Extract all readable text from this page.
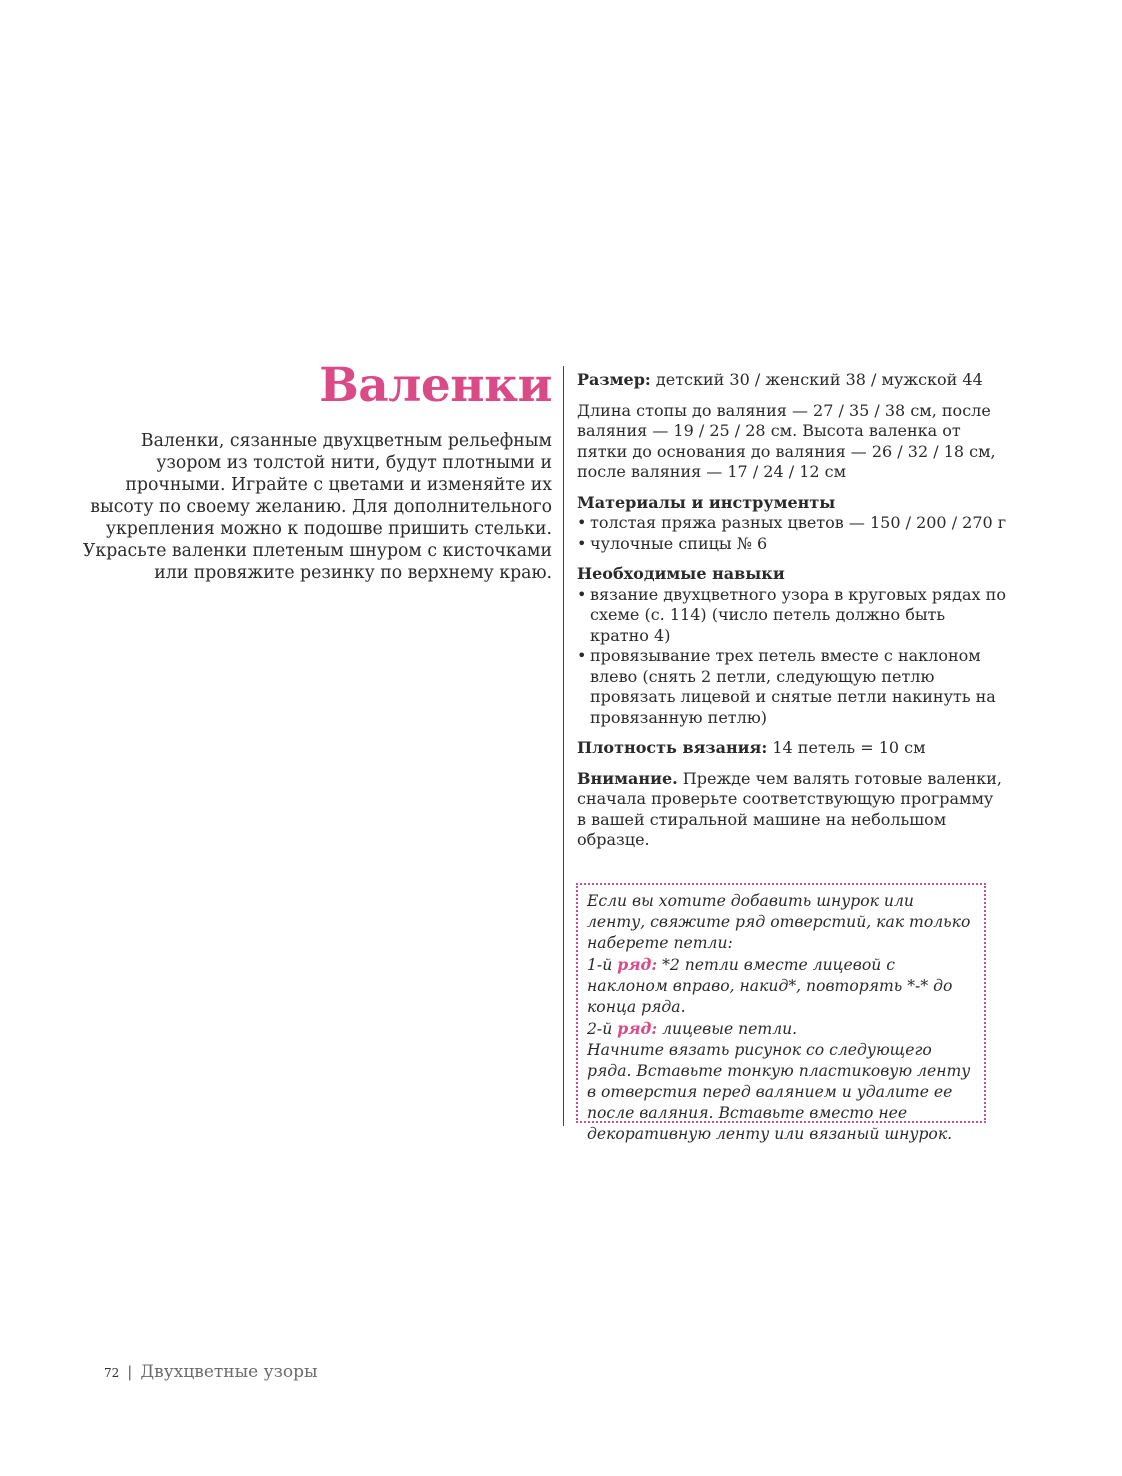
Валенки

Валенки, сязанные двухцветным рельефным узором из толстой нити, будут плотными и прочными. Играйте с цветами и изменяйте их высоту по своему желанию. Для дополнительного укрепления можно к подошве пришить стельки. Украсьте валенки плетеным шнуром с кисточками или провяжите резинку по верхнему краю.

Размер: детский 30 / женский 38 / мужской 44

Длина стопы до валяния — 27 / 35 / 38 см, после валяния — 19 / 25 / 28 см. Высота валенка от пятки до основания до валяния — 26 / 32 / 18 см, после валяния — 17 / 24 / 12 см

Материалы и инструменты
• толстая пряжа разных цветов — 150 / 200 / 270 г
• чулочные спицы № 6
Необходимые навыки
• вязание двухцветного узора в круговых рядах по схеме (с. 114) (число петель должно быть кратно 4)
• провязывание трех петель вместе с наклоном влево (снять 2 петли, следующую петлю провязать лицевой и снятые петли накинуть на провязанную петлю)

Плотность вязания: 14 петель = 10 см

Внимание. Прежде чем валять готовые валенки, сначала проверьте соответствующую программу в вашей стиральной машине на небольшом образце.

Если вы хотите добавить шнурок или ленту, свяжите ряд отверстий, как только наберете петли:

1-й ряд: *2 петли вместе лицевой с наклоном вправо, накид*, повторять *-* до конца ряда.

2-й ряд: лицевые петли.

Начните вязать рисунок со следующего ряда. Вставьте тонкую пластиковую ленту в отверстия перед валянием и удалите ее после валяния. Вставьте вместо нее декоративную ленту или вязаный шнурок.

72 | Двухцветные узоры
